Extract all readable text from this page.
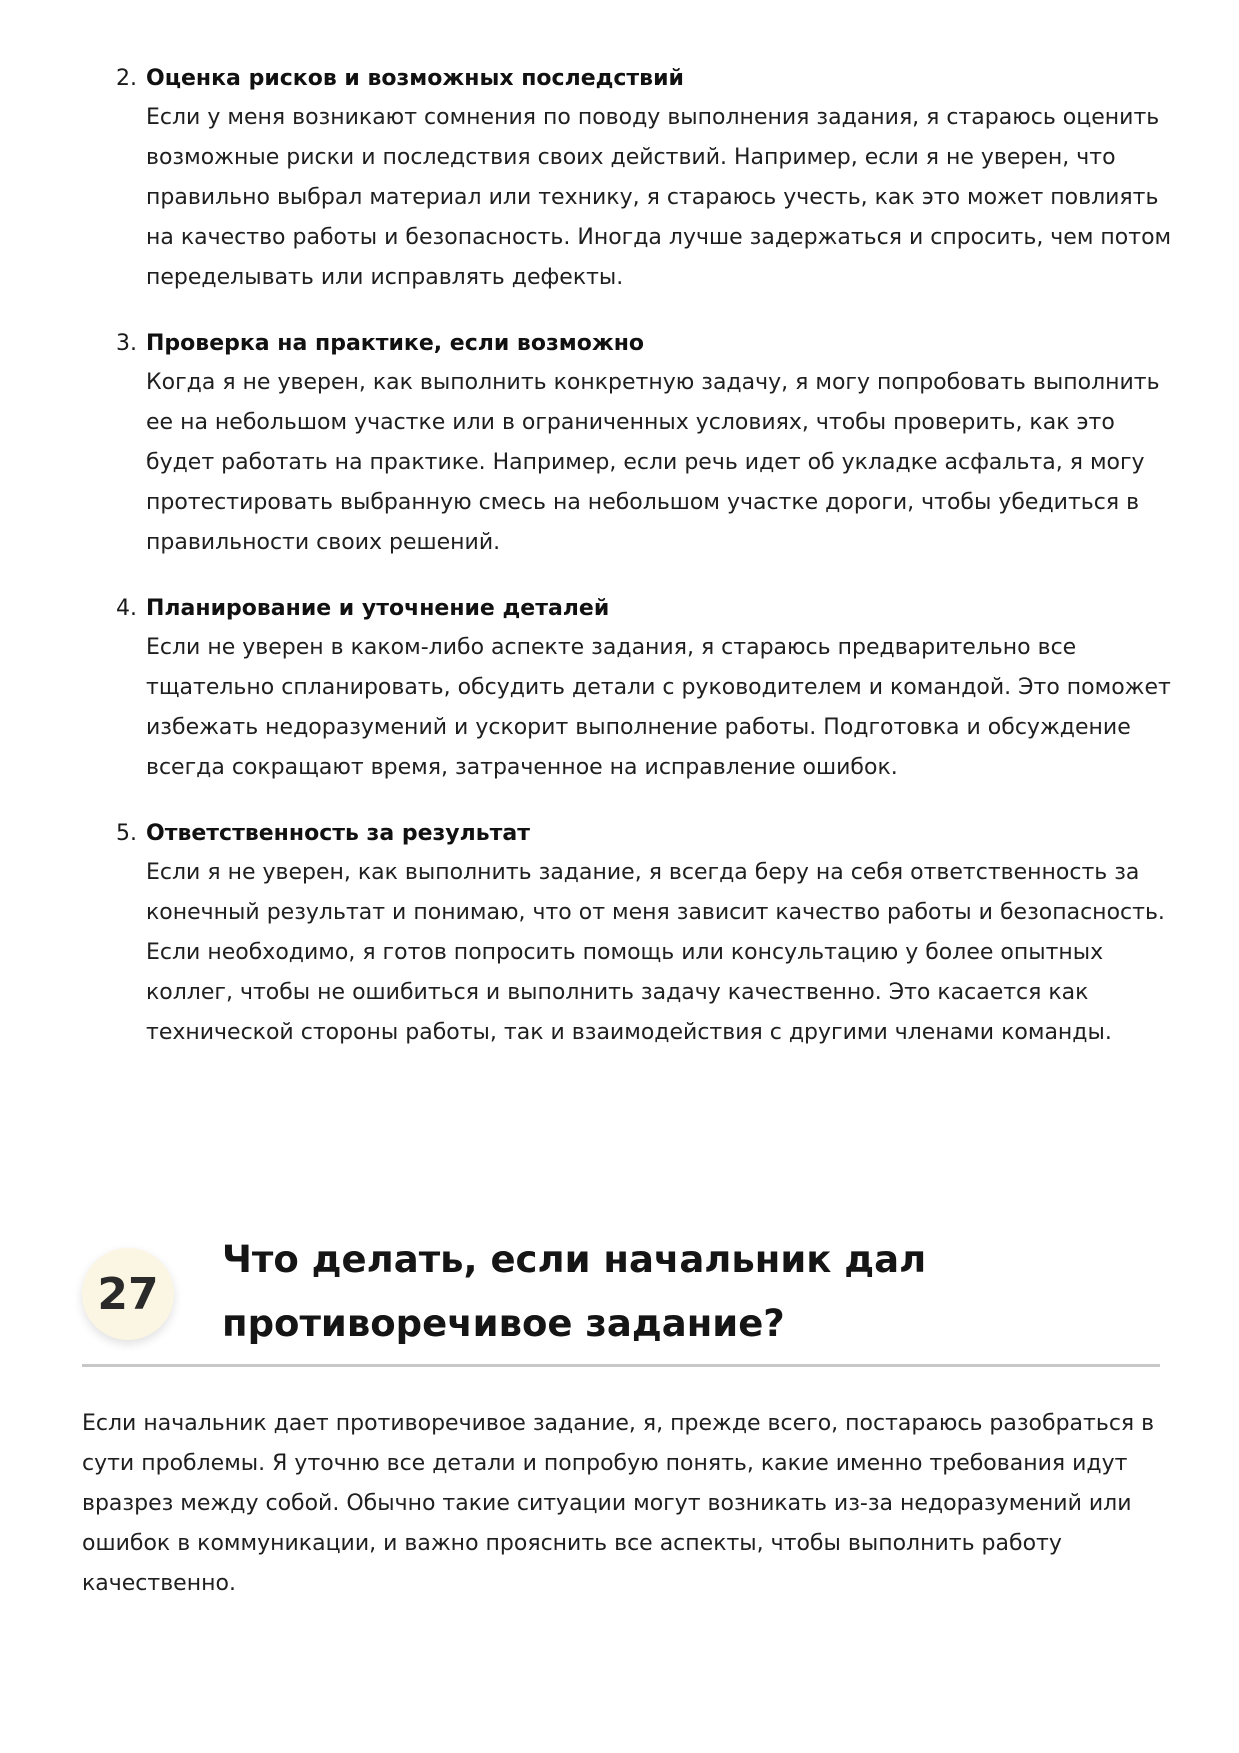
2. Оценка рисков и возможных последствий
Если у меня возникают сомнения по поводу выполнения задания, я стараюсь оценить возможные риски и последствия своих действий. Например, если я не уверен, что правильно выбрал материал или технику, я стараюсь учесть, как это может повлиять на качество работы и безопасность. Иногда лучше задержаться и спросить, чем потом переделывать или исправлять дефекты.
3. Проверка на практике, если возможно
Когда я не уверен, как выполнить конкретную задачу, я могу попробовать выполнить ее на небольшом участке или в ограниченных условиях, чтобы проверить, как это будет работать на практике. Например, если речь идет об укладке асфальта, я могу протестировать выбранную смесь на небольшом участке дороги, чтобы убедиться в правильности своих решений.
4. Планирование и уточнение деталей
Если не уверен в каком-либо аспекте задания, я стараюсь предварительно все тщательно спланировать, обсудить детали с руководителем и командой. Это поможет избежать недоразумений и ускорит выполнение работы. Подготовка и обсуждение всегда сокращают время, затраченное на исправление ошибок.
5. Ответственность за результат
Если я не уверен, как выполнить задание, я всегда беру на себя ответственность за конечный результат и понимаю, что от меня зависит качество работы и безопасность. Если необходимо, я готов попросить помощь или консультацию у более опытных коллег, чтобы не ошибиться и выполнить задачу качественно. Это касается как технической стороны работы, так и взаимодействия с другими членами команды.
27
Что делать, если начальник дал противоречивое задание?

Если начальник дает противоречивое задание, я, прежде всего, постараюсь разобраться в сути проблемы. Я уточню все детали и попробую понять, какие именно требования идут вразрез между собой. Обычно такие ситуации могут возникать из-за недоразумений или ошибок в коммуникации, и важно прояснить все аспекты, чтобы выполнить работу качественно.
